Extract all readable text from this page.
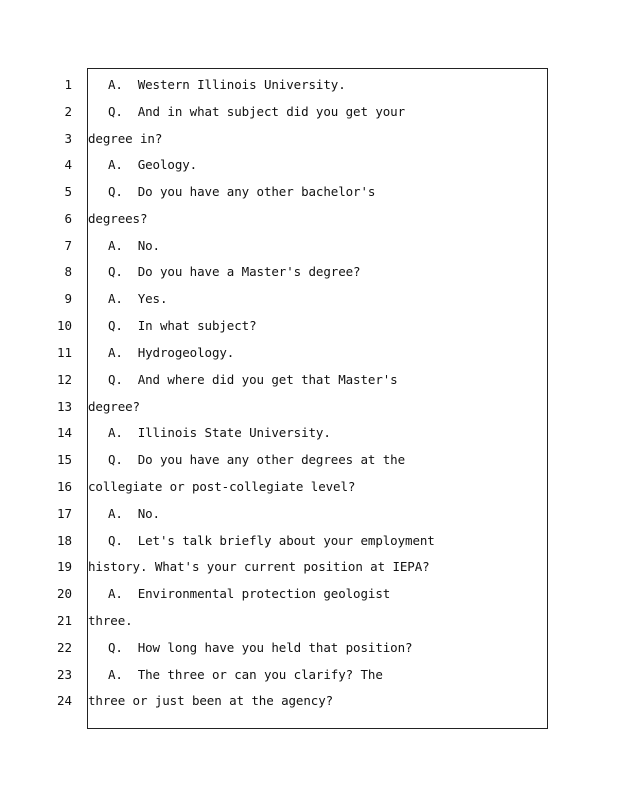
1	A.  Western Illinois University.
2	Q.  And in what subject did you get your
3 degree in?
4	A.  Geology.
5	Q.  Do you have any other bachelor's
6 degrees?
7	A.  No.
8	Q.  Do you have a Master's degree?
9	A.  Yes.
10	Q.  In what subject?
11	A.  Hydrogeology.
12	Q.  And where did you get that Master's
13 degree?
14	A.  Illinois State University.
15	Q.  Do you have any other degrees at the
16 collegiate or post-collegiate level?
17	A.  No.
18	Q.  Let's talk briefly about your employment
19 history. What's your current position at IEPA?
20	A.  Environmental protection geologist
21 three.
22	Q.  How long have you held that position?
23	A.  The three or can you clarify? The
24 three or just been at the agency?
